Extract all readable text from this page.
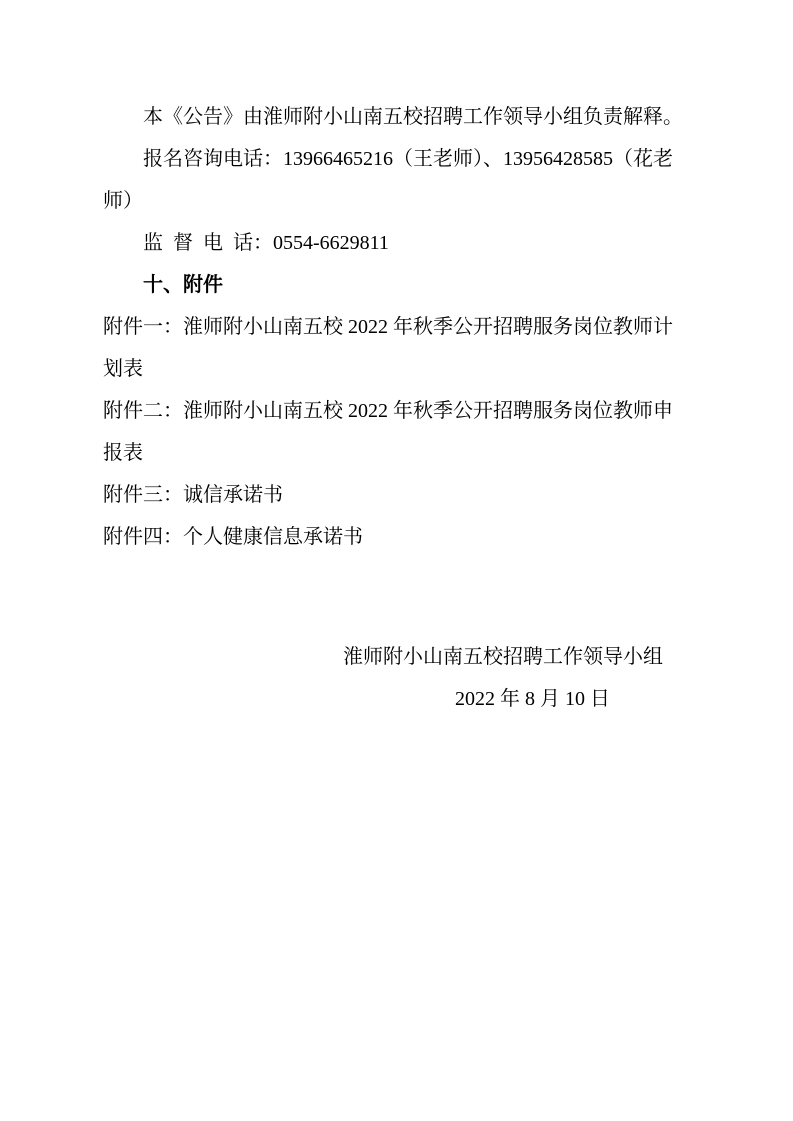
本《公告》由淮师附小山南五校招聘工作领导小组负责解释。

报名咨询电话：13966465216（王老师）、13956428585（花老师）

监  督  电  话：0554-6629811

十、附件

附件一：淮师附小山南五校 2022 年秋季公开招聘服务岗位教师计划表

附件二：淮师附小山南五校 2022 年秋季公开招聘服务岗位教师申报表

附件三：诚信承诺书

附件四：个人健康信息承诺书

淮师附小山南五校招聘工作领导小组

2022 年 8 月 10 日
